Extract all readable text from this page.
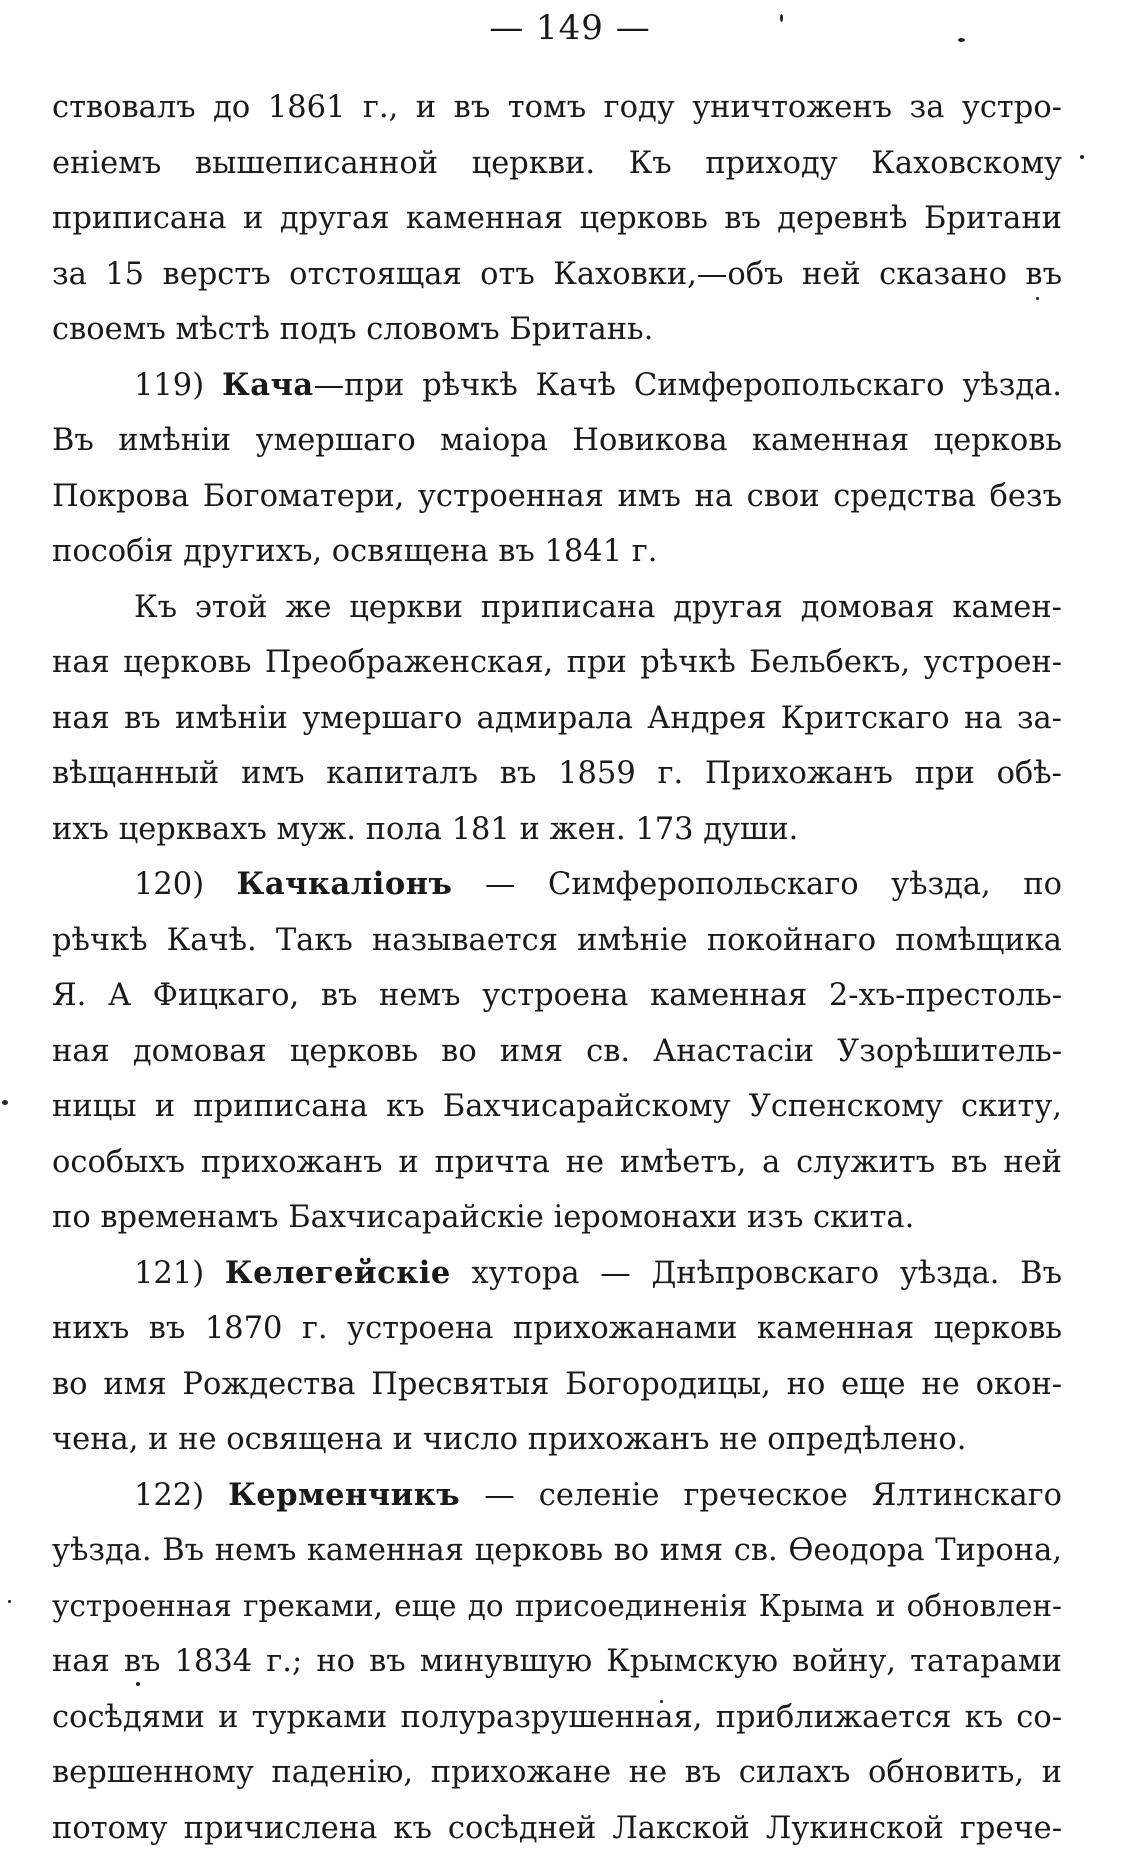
— 149 —
ствовалъ до 1861 г., и въ томъ году уничтоженъ за устро-
еніемъ вышеписанной церкви. Къ приходу Каховскому
приписана и другая каменная церковь въ деревнѣ Британи
за 15 верстъ отстоящая отъ Каховки,—объ ней сказано въ
своемъ мѣстѣ подъ словомъ Британь.
119) Кача—при рѣчкѣ Качѣ Симферопольскаго уѣзда.
Въ имѣніи умершаго маіора Новикова каменная церковь
Покрова Богоматери, устроенная имъ на свои средства безъ
пособія другихъ, освящена въ 1841 г.
Къ этой же церкви приписана другая домовая камен-
ная церковь Преображенская, при рѣчкѣ Бельбекъ, устроен-
ная въ имѣніи умершаго адмирала Андрея Критскаго на за-
вѣщанный имъ капиталъ въ 1859 г. Прихожанъ при обѣ-
ихъ церквахъ муж. пола 181 и жен. 173 души.
120) Качкаліонъ — Симферопольскаго уѣзда, по
рѣчкѣ Качѣ. Такъ называется имѣніе покойнаго помѣщика
Я. А Фицкаго, въ немъ устроена каменная 2-хъ-престоль-
ная домовая церковь во имя св. Анастасіи Узорѣшитель-
ницы и приписана къ Бахчисарайскому Успенскому скиту,
особыхъ прихожанъ и причта не имѣетъ, а служитъ въ ней
по временамъ Бахчисарайскіе іеромонахи изъ скита.
121) Келегейскіе хутора — Днѣпровскаго уѣзда. Въ
нихъ въ 1870 г. устроена прихожанами каменная церковь
во имя Рождества Пресвятыя Богородицы, но еще не окон-
чена, и не освящена и число прихожанъ не опредѣлено.
122) Керменчикъ — селеніе греческое Ялтинскаго
уѣзда. Въ немъ каменная церковь во имя св. Ѳеодора Тирона,
устроенная греками, еще до присоединенія Крыма и обновлен-
ная въ 1834 г.; но въ минувшую Крымскую войну, татарами
сосѣдями и турками полуразрушенная, приближается къ со-
вершенному паденію, прихожане не въ силахъ обновить, и
потому причислена къ сосѣдней Лакской Лукинской грече-
